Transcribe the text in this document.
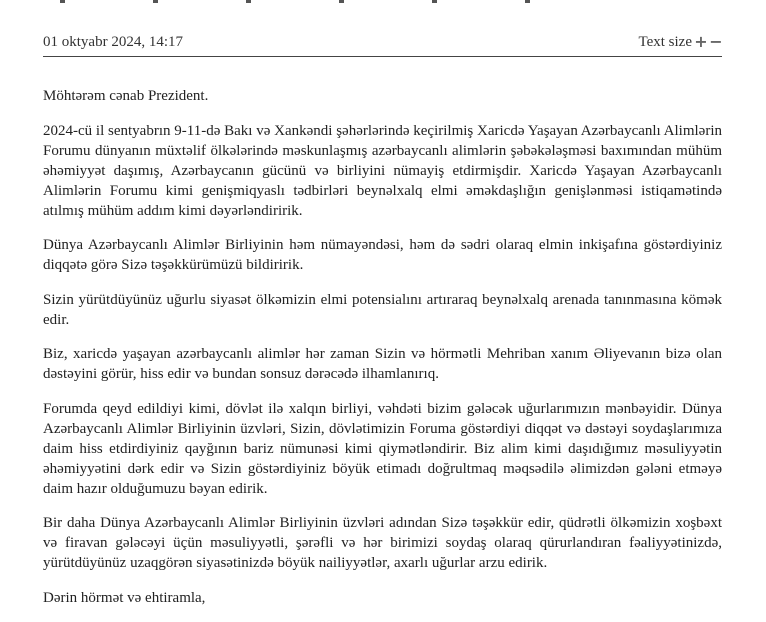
01 oktyabr 2024, 14:17	Text size + −

Möhtərəm cənab Prezident.

2024-cü il sentyabrın 9-11-də Bakı və Xankəndi şəhərlərində keçirilmiş Xaricdə Yaşayan Azərbaycanlı Alimlərin Forumu dünyanın müxtəlif ölkələrində məskunlaşmış azərbaycanlı alimlərin şəbəkələşməsi baxımından mühüm əhəmiyyət daşımış, Azərbaycanın gücünü və birliyini nümayiş etdirmişdir. Xaricdə Yaşayan Azərbaycanlı Alimlərin Forumu kimi genişmiqyaslı tədbirləri beynəlxalq elmi əməkdaşlığın genişlənməsi istiqamətində atılmış mühüm addım kimi dəyərləndiririk.

Dünya Azərbaycanlı Alimlər Birliyinin həm nümayəndəsi, həm də sədri olaraq elmin inkişafına göstərdiyiniz diqqətə görə Sizə təşəkkürümüzü bildiririk.

Sizin yürütdüyünüz uğurlu siyasət ölkəmizin elmi potensialını artıraraq beynəlxalq arenada tanınmasına kömək edir.

Biz, xaricdə yaşayan azərbaycanlı alimlər hər zaman Sizin və hörmətli Mehriban xanım Əliyevanın bizə olan dəstəyini görür, hiss edir və bundan sonsuz dərəcədə ilhamlanırıq.

Forumda qeyd edildiyi kimi, dövlət ilə xalqın birliyi, vəhdəti bizim gələcək uğurlarımızın mənbəyidir. Dünya Azərbaycanlı Alimlər Birliyinin üzvləri, Sizin, dövlətimizin Foruma göstərdiyi diqqət və dəstəyi soydaşlarımıza daim hiss etdirdiyiniz qayğının bariz nümunəsi kimi qiymətləndirir. Biz alim kimi daşıdığımız məsuliyyətin əhəmiyyətini dərk edir və Sizin göstərdiyiniz böyük etimadı doğrultmaq məqsədilə əlimizdən gələni etməyə daim hazır olduğumuzu bəyan edirik.

Bir daha Dünya Azərbaycanlı Alimlər Birliyinin üzvləri adından Sizə təşəkkür edir, qüdrətli ölkəmizin xoşbəxt və firavan gələcəyi üçün məsuliyyətli, şərəfli və hər birimizi soydaş olaraq qürurlandıran fəaliyyətinizdə, yürütdüyünüz uzaqgörən siyasətinizdə böyük nailiyyətlər, axarlı uğurlar arzu edirik.

Dərin hörmət və ehtiramla,
